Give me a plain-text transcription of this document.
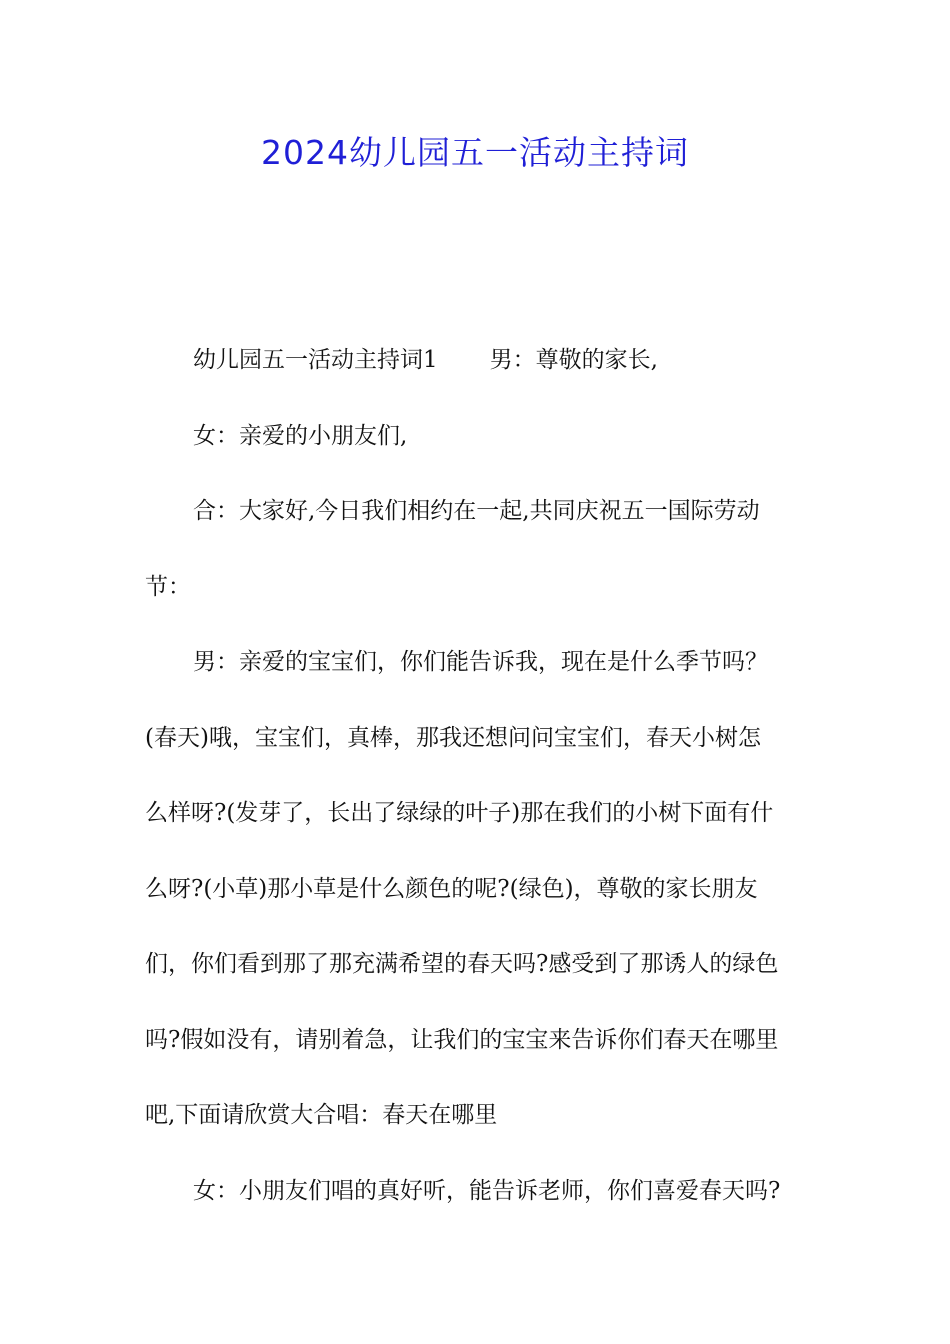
2024幼儿园五一活动主持词
幼儿园五一活动主持词1 男：尊敬的家长,
女：亲爱的小朋友们,
合：大家好,今日我们相约在一起,共同庆祝五一国际劳动
节：
男：亲爱的宝宝们，你们能告诉我，现在是什么季节吗？
(春天)哦，宝宝们，真棒，那我还想问问宝宝们，春天小树怎
么样呀?(发芽了，长出了绿绿的叶子)那在我们的小树下面有什
么呀?(小草)那小草是什么颜色的呢?(绿色)，尊敬的家长朋友
们，你们看到那了那充满希望的春天吗?感受到了那诱人的绿色
吗?假如没有，请别着急，让我们的宝宝来告诉你们春天在哪里
吧,下面请欣赏大合唱：春天在哪里
女：小朋友们唱的真好听，能告诉老师，你们喜爱春天吗?
